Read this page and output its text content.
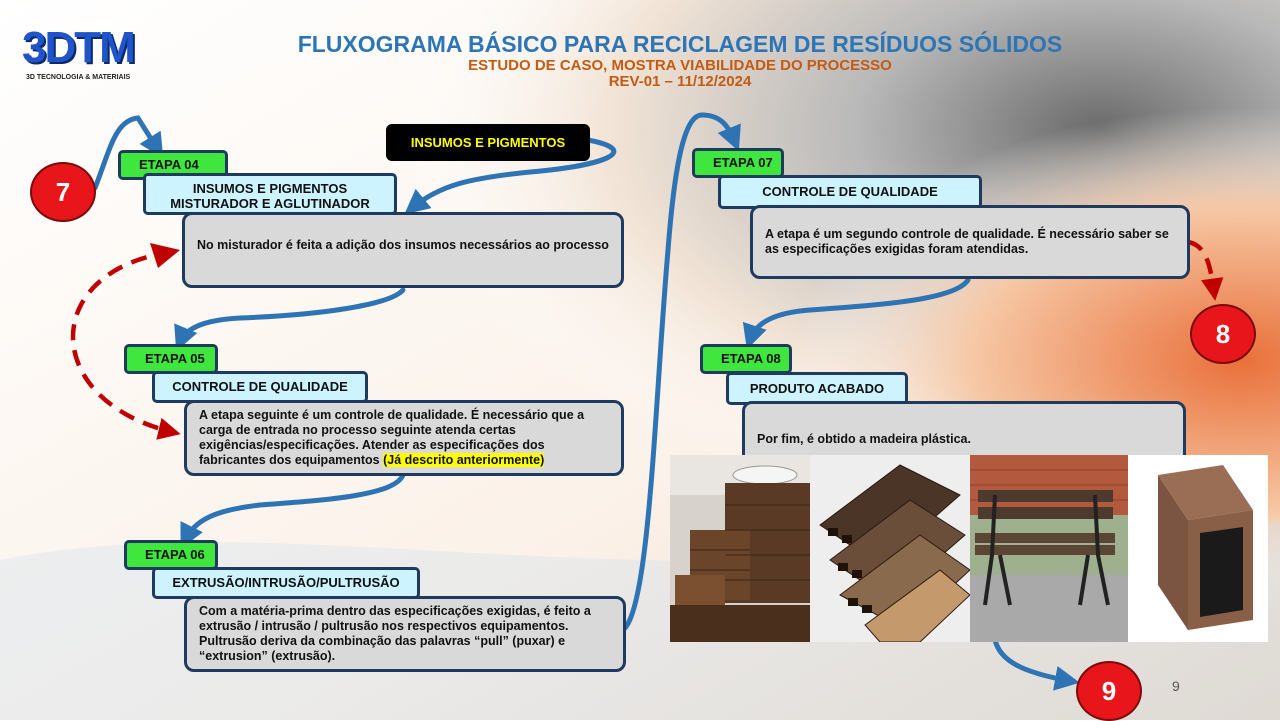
3DTM
3D TECNOLOGIA & MATERIAIS
FLUXOGRAMA BÁSICO PARA RECICLAGEM DE RESÍDUOS SÓLIDOS
ESTUDO DE CASO, MOSTRA VIABILIDADE DO PROCESSO
REV-01 – 11/12/2024
7
8
9
INSUMOS E PIGMENTOS
ETAPA 04
INSUMOS E PIGMENTOS
MISTURADOR E AGLUTINADOR
No misturador é feita a adição dos insumos necessários ao processo
ETAPA 05
CONTROLE DE QUALIDADE
A etapa seguinte é um controle de qualidade. É necessário que a carga de entrada no processo seguinte atenda certas exigências/especificações. Atender as especificações dos fabricantes dos equipamentos (Já descrito anteriormente)
ETAPA 06
EXTRUSÃO/INTRUSÃO/PULTRUSÃO
Com a matéria-prima dentro das especificações exigidas, é feito a extrusão / intrusão / pultrusão nos respectivos equipamentos. Pultrusão deriva da combinação das palavras “pull” (puxar) e “extrusion” (extrusão).
ETAPA 07
CONTROLE DE QUALIDADE
A etapa é um segundo controle de qualidade. É necessário saber se as especificações exigidas foram atendidas.
ETAPA 08
PRODUTO ACABADO
Por fim, é obtido a madeira plástica.
9
